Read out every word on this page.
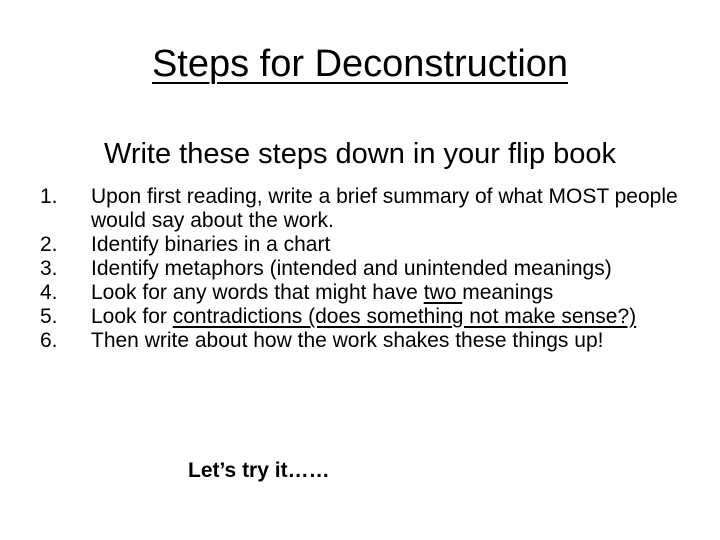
Steps for Deconstruction
Write these steps down in your flip book
1.	Upon first reading, write a brief summary of what MOST people would say about the work.
2.	Identify binaries in a chart
3.	Identify metaphors (intended and unintended meanings)
4.	Look for any words that might have two meanings
5.	Look for contradictions (does something not make sense?)
6.	Then write about how the work shakes these things up!
Let’s try it……
